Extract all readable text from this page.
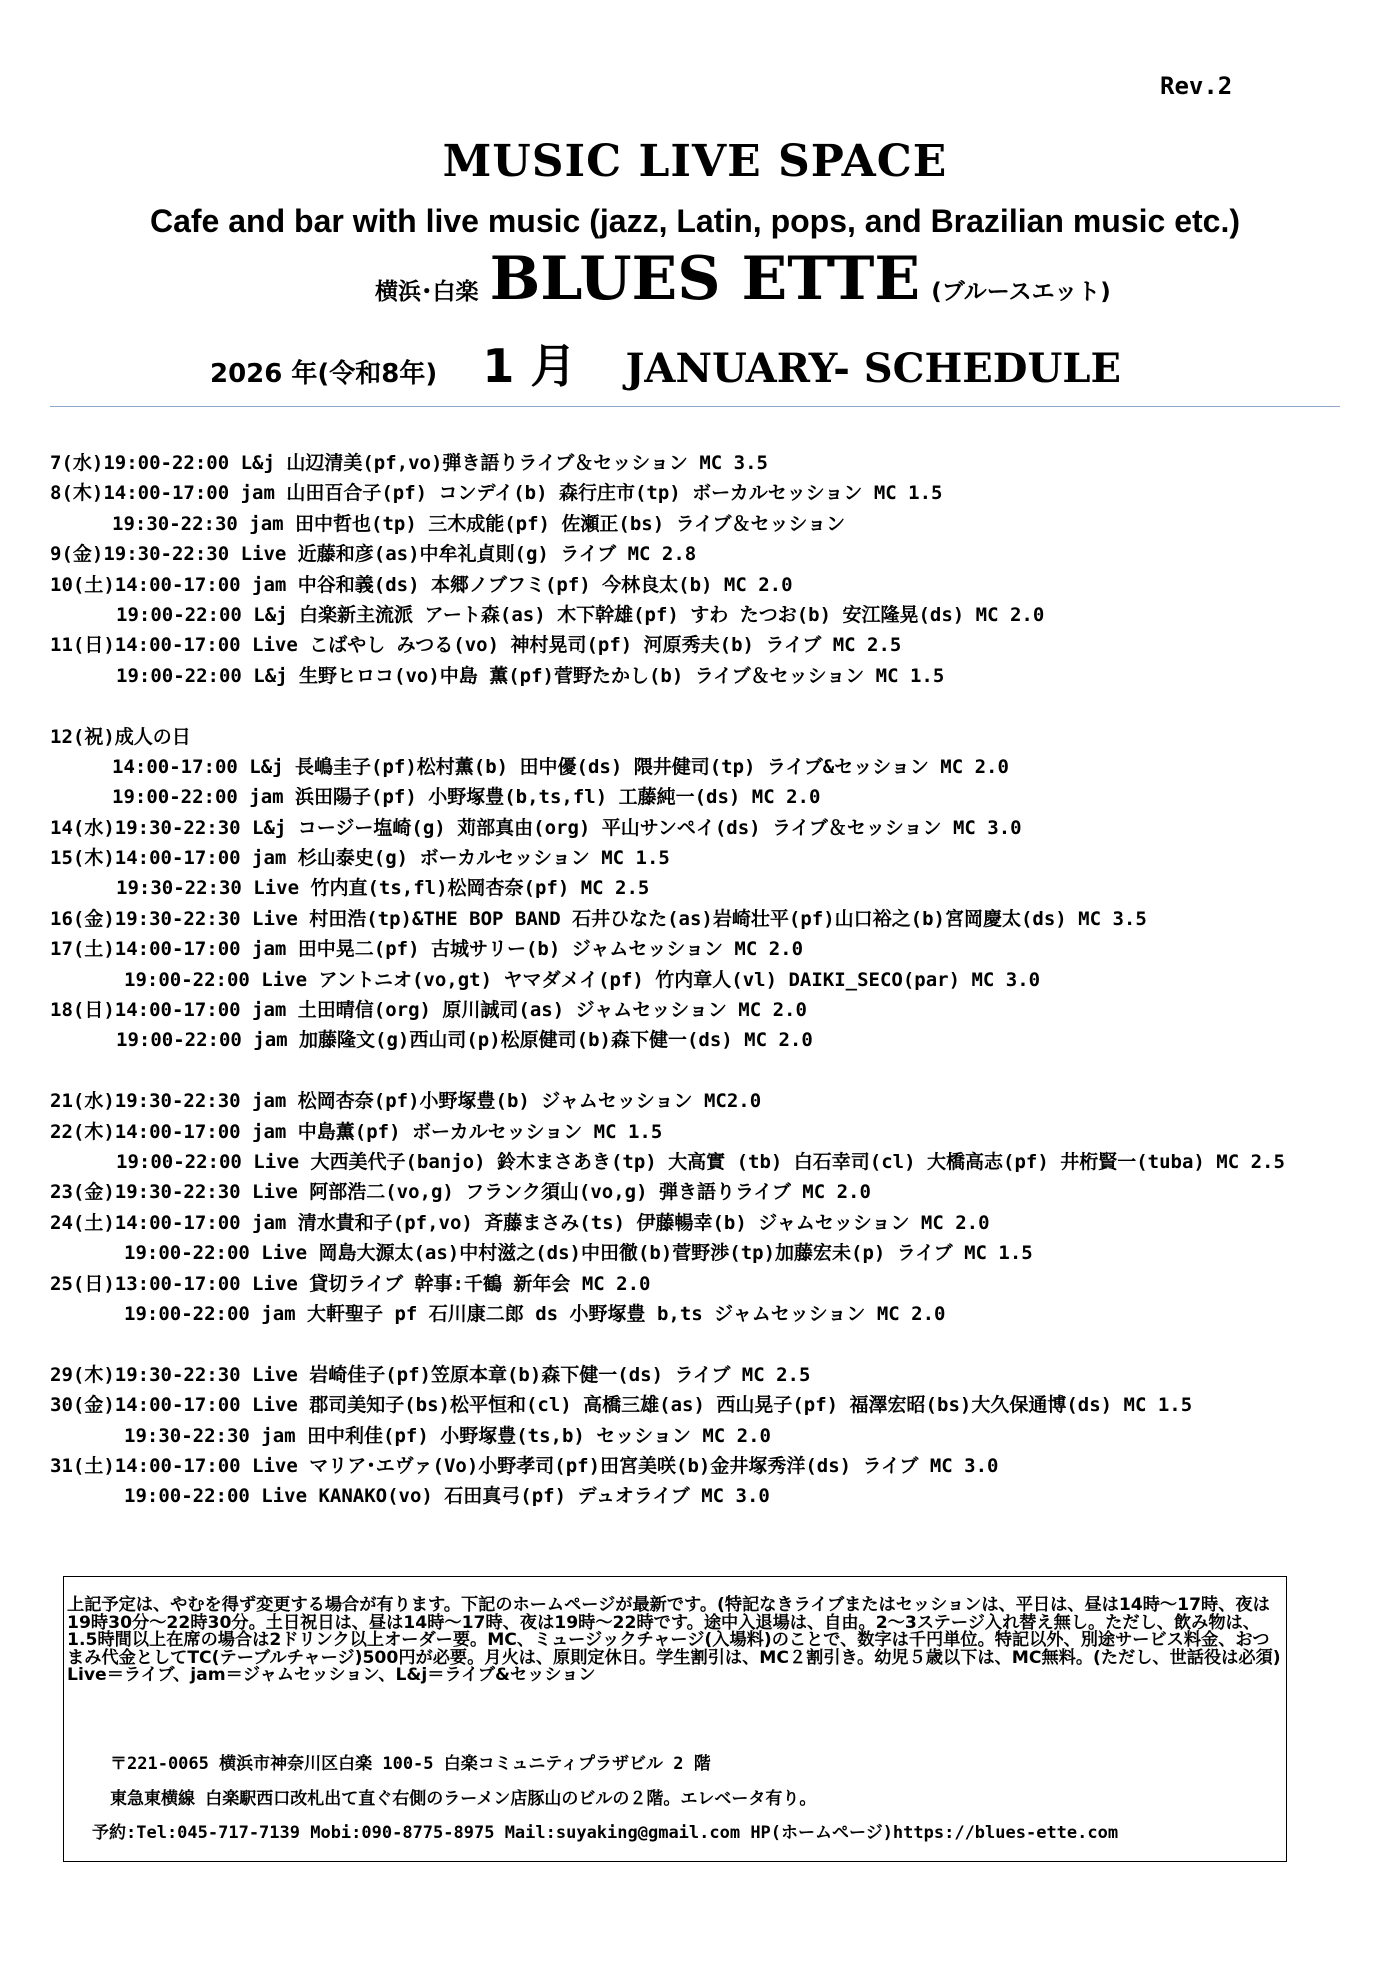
Rev.2
MUSIC LIVE SPACE
Cafe and bar with live music (jazz, Latin, pops, and Brazilian music etc.)
横浜･白楽 BLUES ETTE (ブルースエット)
2026 年(令和8年) 1 月 JANUARY- SCHEDULE
7(水)19:00-22:00 L&j 山辺清美(pf,vo)弾き語りライブ＆セッション MC 3.5
8(木)14:00-17:00 jam 山田百合子(pf) コンデイ(b) 森行庄市(tp) ボーカルセッション MC 1.5
19:30-22:30 jam 田中哲也(tp) 三木成能(pf) 佐瀬正(bs) ライブ＆セッション
9(金)19:30-22:30 Live 近藤和彦(as)中牟礼貞則(g) ライブ MC 2.8
10(土)14:00-17:00 jam 中谷和義(ds) 本郷ノブフミ(pf) 今林良太(b) MC 2.0
19:00-22:00 L&j 白楽新主流派 アート森(as) 木下幹雄(pf) すわ たつお(b) 安江隆晃(ds) MC 2.0
11(日)14:00-17:00 Live こばやし みつる(vo) 神村晃司(pf) 河原秀夫(b) ライブ MC 2.5
19:00-22:00 L&j 生野ヒロコ(vo)中島 薫(pf)菅野たかし(b) ライブ＆セッション MC 1.5
12(祝)成人の日
14:00-17:00 L&j 長嶋圭子(pf)松村薫(b) 田中優(ds) 隈井健司(tp) ライブ&セッション MC 2.0
19:00-22:00 jam 浜田陽子(pf) 小野塚豊(b,ts,fl) 工藤純一(ds) MC 2.0
14(水)19:30-22:30 L&j コージー塩崎(g) 苅部真由(org) 平山サンペイ(ds) ライブ＆セッション MC 3.0
15(木)14:00-17:00 jam 杉山泰史(g) ボーカルセッション MC 1.5
19:30-22:30 Live 竹内直(ts,fl)松岡杏奈(pf) MC 2.5
16(金)19:30-22:30 Live 村田浩(tp)&THE BOP BAND 石井ひなた(as)岩崎壮平(pf)山口裕之(b)宮岡慶太(ds) MC 3.5
17(土)14:00-17:00 jam 田中晃二(pf) 古城サリー(b) ジャムセッション MC 2.0
19:00-22:00 Live アントニオ(vo,gt) ヤマダメイ(pf) 竹内章人(vl) DAIKI_SECO(par) MC 3.0
18(日)14:00-17:00 jam 土田晴信(org) 原川誠司(as) ジャムセッション MC 2.0
19:00-22:00 jam 加藤隆文(g)西山司(p)松原健司(b)森下健一(ds) MC 2.0
21(水)19:30-22:30 jam 松岡杏奈(pf)小野塚豊(b) ジャムセッション MC2.0
22(木)14:00-17:00 jam 中島薫(pf) ボーカルセッション MC 1.5
19:00-22:00 Live 大西美代子(banjo) 鈴木まさあき(tp) 大高實 (tb) 白石幸司(cl) 大橋高志(pf) 井桁賢一(tuba) MC 2.5
23(金)19:30-22:30 Live 阿部浩二(vo,g) フランク須山(vo,g) 弾き語りライブ MC 2.0
24(土)14:00-17:00 jam 清水貴和子(pf,vo) 斉藤まさみ(ts) 伊藤暢幸(b) ジャムセッション MC 2.0
19:00-22:00 Live 岡島大源太(as)中村滋之(ds)中田徹(b)菅野渉(tp)加藤宏未(p) ライブ MC 1.5
25(日)13:00-17:00 Live 貸切ライブ 幹事:千鶴 新年会 MC 2.0
19:00-22:00 jam 大軒聖子 pf 石川康二郎 ds 小野塚豊 b,ts ジャムセッション MC 2.0
29(木)19:30-22:30 Live 岩崎佳子(pf)笠原本章(b)森下健一(ds) ライブ MC 2.5
30(金)14:00-17:00 Live 郡司美知子(bs)松平恒和(cl) 高橋三雄(as) 西山晃子(pf) 福澤宏昭(bs)大久保通博(ds) MC 1.5
19:30-22:30 jam 田中利佳(pf) 小野塚豊(ts,b) セッション MC 2.0
31(土)14:00-17:00 Live マリア･エヴァ(Vo)小野孝司(pf)田宮美咲(b)金井塚秀洋(ds) ライブ MC 3.0
19:00-22:00 Live KANAKO(vo) 石田真弓(pf) デュオライブ MC 3.0
上記予定は、やむを得ず変更する場合が有ります。下記のホームページが最新です。(特記なきライブまたはセッションは、平日は、昼は14時～17時、夜は19時30分～22時30分。土日祝日は、昼は14時～17時、夜は19時～22時です。途中入退場は、自由。2～3ステージ入れ替え無し。ただし、飲み物は、1.5時間以上在席の場合は2ドリンク以上オーダー要。MC、ミュージックチャージ(入場料)のことで、数字は千円単位。特記以外、別途サービス料金、おつまみ代金としてTC(テーブルチャージ)500円が必要。月火は、原則定休日。学生割引は、MC２割引き。幼児５歳以下は、MC無料。(ただし、世話役は必須) Live＝ライブ、jam＝ジャムセッション、L&j＝ライブ&セッション
〒221-0065 横浜市神奈川区白楽 100-5 白楽コミュニティプラザビル 2 階
東急東横線 白楽駅西口改札出て直ぐ右側のラーメン店豚山のビルの２階。エレベータ有り。
予約:Tel:045-717-7139 Mobi:090-8775-8975 Mail:suyaking@gmail.com HP(ホームページ)https://blues-ette.com
